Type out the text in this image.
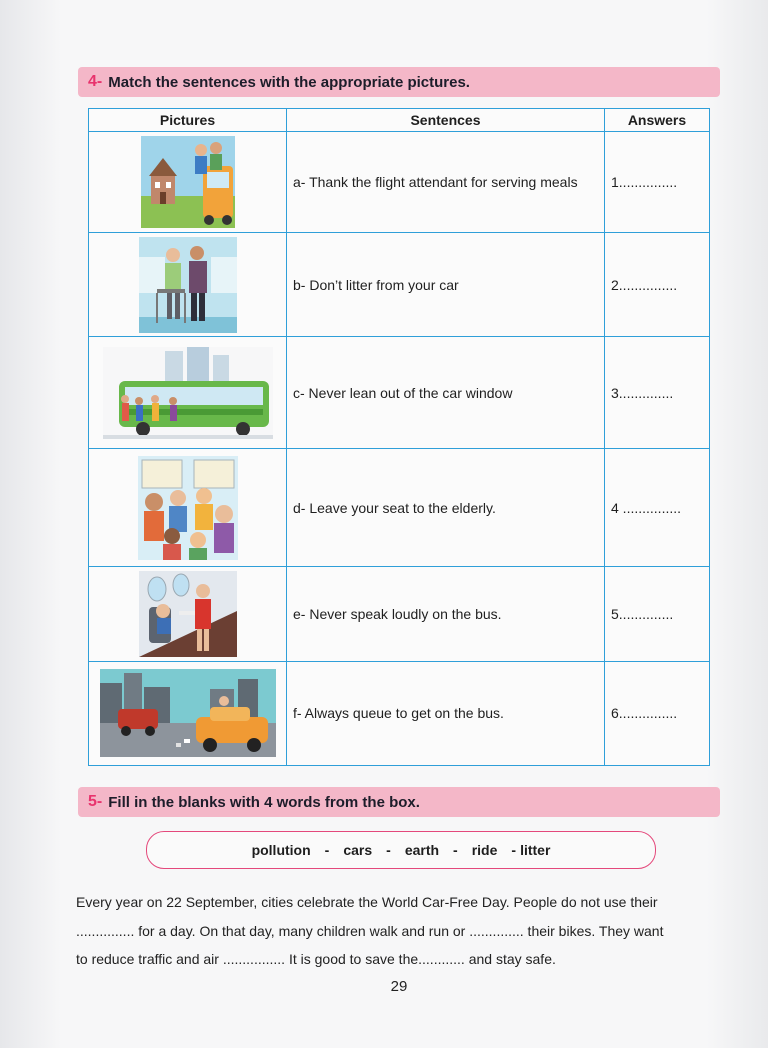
4- Match the sentences with the appropriate pictures.
Pictures	Sentences	Answers

	a- Thank the flight attendant for serving meals	1...............

	b- Don’t litter from your car	2...............

	c- Never lean out of the car window	3..............

	d- Leave your seat to the elderly.	4 ...............

	e- Never speak loudly on the bus.	5..............

	f- Always queue to get on the bus.	6...............
5- Fill in the blanks with 4 words from the box.
pollution - cars - earth - ride - litter
Every year on 22 September, cities celebrate the World Car-Free Day. People do not use their
............... for a day. On that day, many children walk and run or .............. their bikes. They want
to reduce traffic and air ................ It is good to save the............ and stay safe.
29
